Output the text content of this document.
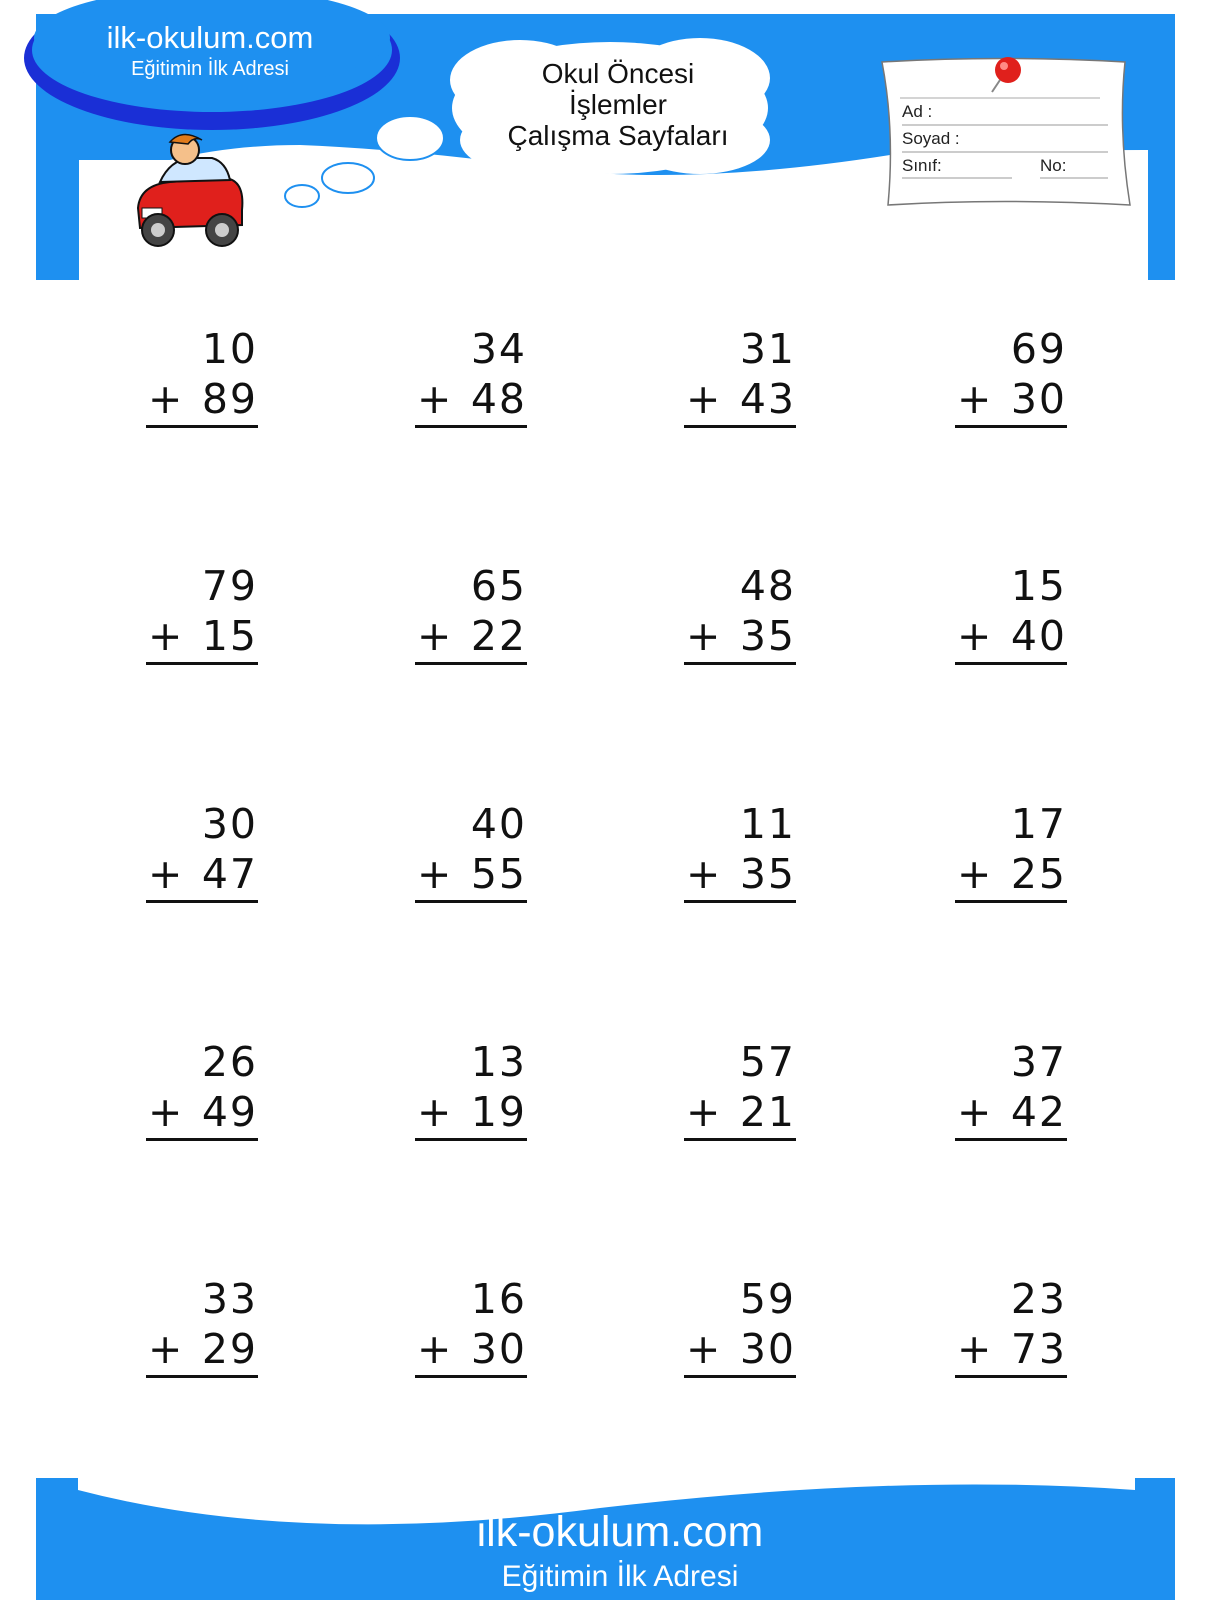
ilk-okulum.com
Eğitimin İlk Adresi	Okul Öncesi
İşlemler
Çalışma Sayfaları
Ad :
Soyad :
Sınıf:	No:
10
+ 89
34
+ 48
31
+ 43
69
+ 30
79
+ 15
65
+ 22
48
+ 35
15
+ 40
30
+ 47
40
+ 55
11
+ 35
17
+ 25
26
+ 49
13
+ 19
57
+ 21
37
+ 42
33
+ 29
16
+ 30
59
+ 30
23
+ 73
ilk-okulum.com
Eğitimin İlk Adresi
